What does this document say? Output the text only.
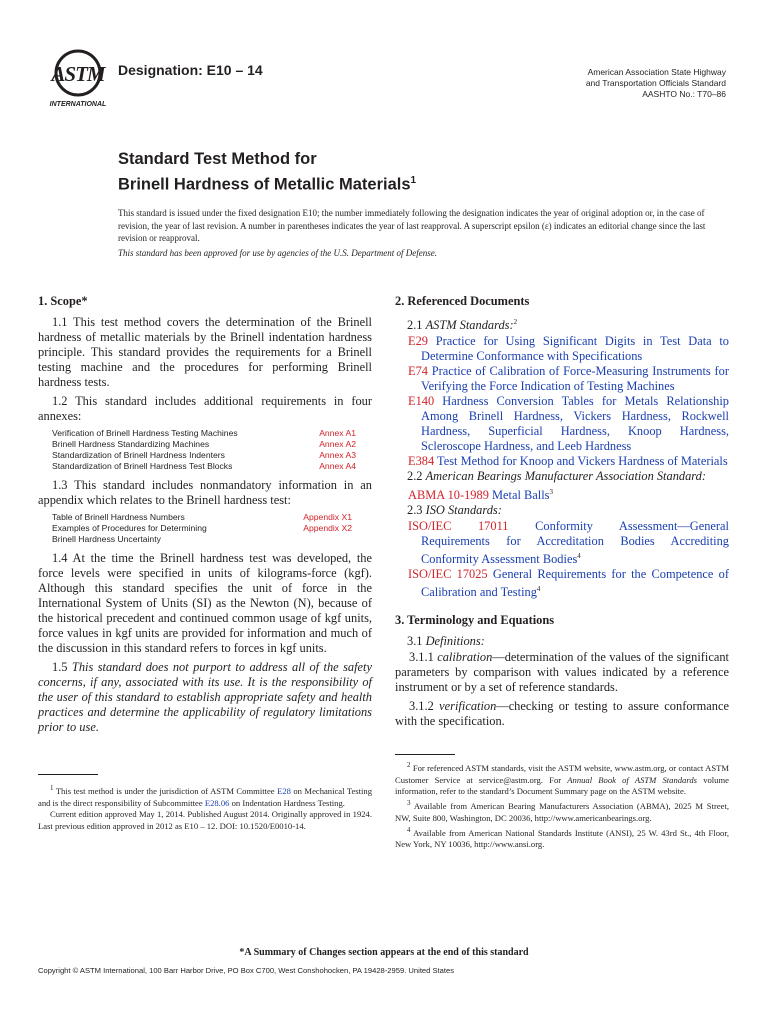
ASTM
INTERNATIONAL
Designation: E10 – 14	American Association State Highway
and Transportation Officials Standard
AASHTO No.: T70–86
Standard Test Method for
Brinell Hardness of Metallic Materials$^1$
This standard is issued under the fixed designation E10; the number immediately following the designation indicates the year of original adoption or, in the case of revision, the year of last revision. A number in parentheses indicates the year of last reapproval. A superscript epsilon (ε) indicates an editorial change since the last revision or reapproval.
This standard has been approved for use by agencies of the U.S. Department of Defense.
1. Scope*

1.1 This test method covers the determination of the Brinell hardness of metallic materials by the Brinell indentation hardness principle. This standard provides the requirements for a Brinell testing machine and the procedures for performing Brinell hardness tests.

1.2 This standard includes additional requirements in four annexes:

Verification of Brinell Hardness Testing Machines	Annex A1
Brinell Hardness Standardizing Machines	Annex A2
Standardization of Brinell Hardness Indenters	Annex A3
Standardization of Brinell Hardness Test Blocks	Annex A4

1.3 This standard includes nonmandatory information in an appendix which relates to the Brinell hardness test:

Table of Brinell Hardness Numbers	Appendix X1
Examples of Procedures for Determining	Appendix X2
Brinell Hardness Uncertainty

1.4 At the time the Brinell hardness test was developed, the force levels were specified in units of kilograms-force (kgf). Although this standard specifies the unit of force in the International System of Units (SI) as the Newton (N), because of the historical precedent and continued common usage of kgf units, force values in kgf units are provided for information and much of the discussion in this standard refers to forces in kgf units.

1.5 This standard does not purport to address all of the safety concerns, if any, associated with its use. It is the responsibility of the user of this standard to establish appropriate safety and health practices and determine the applicability of regulatory limitations prior to use.

2. Referenced Documents
2.1 ASTM Standards:$^2$
E29 Practice for Using Significant Digits in Test Data to Determine Conformance with Specifications
E74 Practice of Calibration of Force-Measuring Instruments for Verifying the Force Indication of Testing Machines
E140 Hardness Conversion Tables for Metals Relationship Among Brinell Hardness, Vickers Hardness, Rockwell Hardness, Superficial Hardness, Knoop Hardness, Scleroscope Hardness, and Leeb Hardness
E384 Test Method for Knoop and Vickers Hardness of Materials
2.2 American Bearings Manufacturer Association Standard:
ABMA 10-1989 Metal Balls$^3$
2.3 ISO Standards:
ISO/IEC 17011 Conformity Assessment—General Requirements for Accreditation Bodies Accrediting Conformity Assessment Bodies$^4$
ISO/IEC 17025 General Requirements for the Competence of Calibration and Testing$^4$
3. Terminology and Equations
3.1 Definitions:

3.1.1 calibration—determination of the values of the significant parameters by comparison with values indicated by a reference instrument or by a set of reference standards.

3.1.2 verification—checking or testing to assure conformance with the specification.

$^1$ This test method is under the jurisdiction of ASTM Committee E28 on Mechanical Testing and is the direct responsibility of Subcommittee E28.06 on Indentation Hardness Testing.

Current edition approved May 1, 2014. Published August 2014. Originally approved in 1924. Last previous edition approved in 2012 as E10 – 12. DOI: 10.1520/E0010-14.

$^2$ For referenced ASTM standards, visit the ASTM website, www.astm.org, or contact ASTM Customer Service at service@astm.org. For Annual Book of ASTM Standards volume information, refer to the standard’s Document Summary page on the ASTM website.

$^3$ Available from American Bearing Manufacturers Association (ABMA), 2025 M Street, NW, Suite 800, Washington, DC 20036, http://www.americanbearings.org.

$^4$ Available from American National Standards Institute (ANSI), 25 W. 43rd St., 4th Floor, New York, NY 10036, http://www.ansi.org.

*A Summary of Changes section appears at the end of this standard
Copyright © ASTM International, 100 Barr Harbor Drive, PO Box C700, West Conshohocken, PA 19428-2959. United States
